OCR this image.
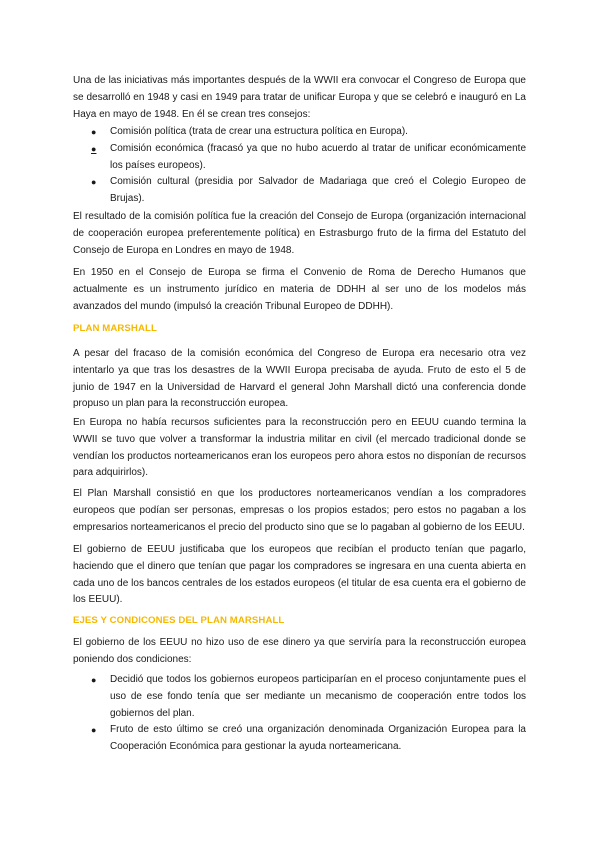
Una de las iniciativas más importantes después de la WWII era convocar el Congreso de Europa que se desarrolló en 1948 y casi en 1949 para tratar de unificar Europa y que se celebró e inauguró en La Haya en mayo de 1948. En él se crean tres consejos:

● Comisión política (trata de crear una estructura política en Europa).
● Comisión económica (fracasó ya que no hubo acuerdo al tratar de unificar económicamente los países europeos).
● Comisión cultural (presidia por Salvador de Madariaga que creó el Colegio Europeo de Brujas).

El resultado de la comisión política fue la creación del Consejo de Europa (organización internacional de cooperación europea preferentemente política) en Estrasburgo fruto de la firma del Estatuto del Consejo de Europa en Londres en mayo de 1948.

En 1950 en el Consejo de Europa se firma el Convenio de Roma de Derecho Humanos que actualmente es un instrumento jurídico en materia de DDHH al ser uno de los modelos más avanzados del mundo (impulsó la creación Tribunal Europeo de DDHH).

PLAN MARSHALL

A pesar del fracaso de la comisión económica del Congreso de Europa era necesario otra vez intentarlo ya que tras los desastres de la WWII Europa precisaba de ayuda. Fruto de esto el 5 de junio de 1947 en la Universidad de Harvard el general John Marshall dictó una conferencia donde propuso un plan para la reconstrucción europea.

En Europa no había recursos suficientes para la reconstrucción pero en EEUU cuando termina la WWII se tuvo que volver a transformar la industria militar en civil (el mercado tradicional donde se vendían los productos norteamericanos eran los europeos pero ahora estos no disponían de recursos para adquirirlos).

El Plan Marshall consistió en que los productores norteamericanos vendían a los compradores europeos que podían ser personas, empresas o los propios estados; pero estos no pagaban a los empresarios norteamericanos el precio del producto sino que se lo pagaban al gobierno de los EEUU.

El gobierno de EEUU justificaba que los europeos que recibían el producto tenían que pagarlo, haciendo que el dinero que tenían que pagar los compradores se ingresara en una cuenta abierta en cada uno de los bancos centrales de los estados europeos (el titular de esa cuenta era el gobierno de los EEUU).

EJES Y CONDICONES DEL PLAN MARSHALL

El gobierno de los EEUU no hizo uso de ese dinero ya que serviría para la reconstrucción europea poniendo dos condiciones:

● Decidió que todos los gobiernos europeos participarían en el proceso conjuntamente pues el uso de ese fondo tenía que ser mediante un mecanismo de cooperación entre todos los gobiernos del plan.
● Fruto de esto último se creó una organización denominada Organización Europea para la Cooperación Económica para gestionar la ayuda norteamericana.
